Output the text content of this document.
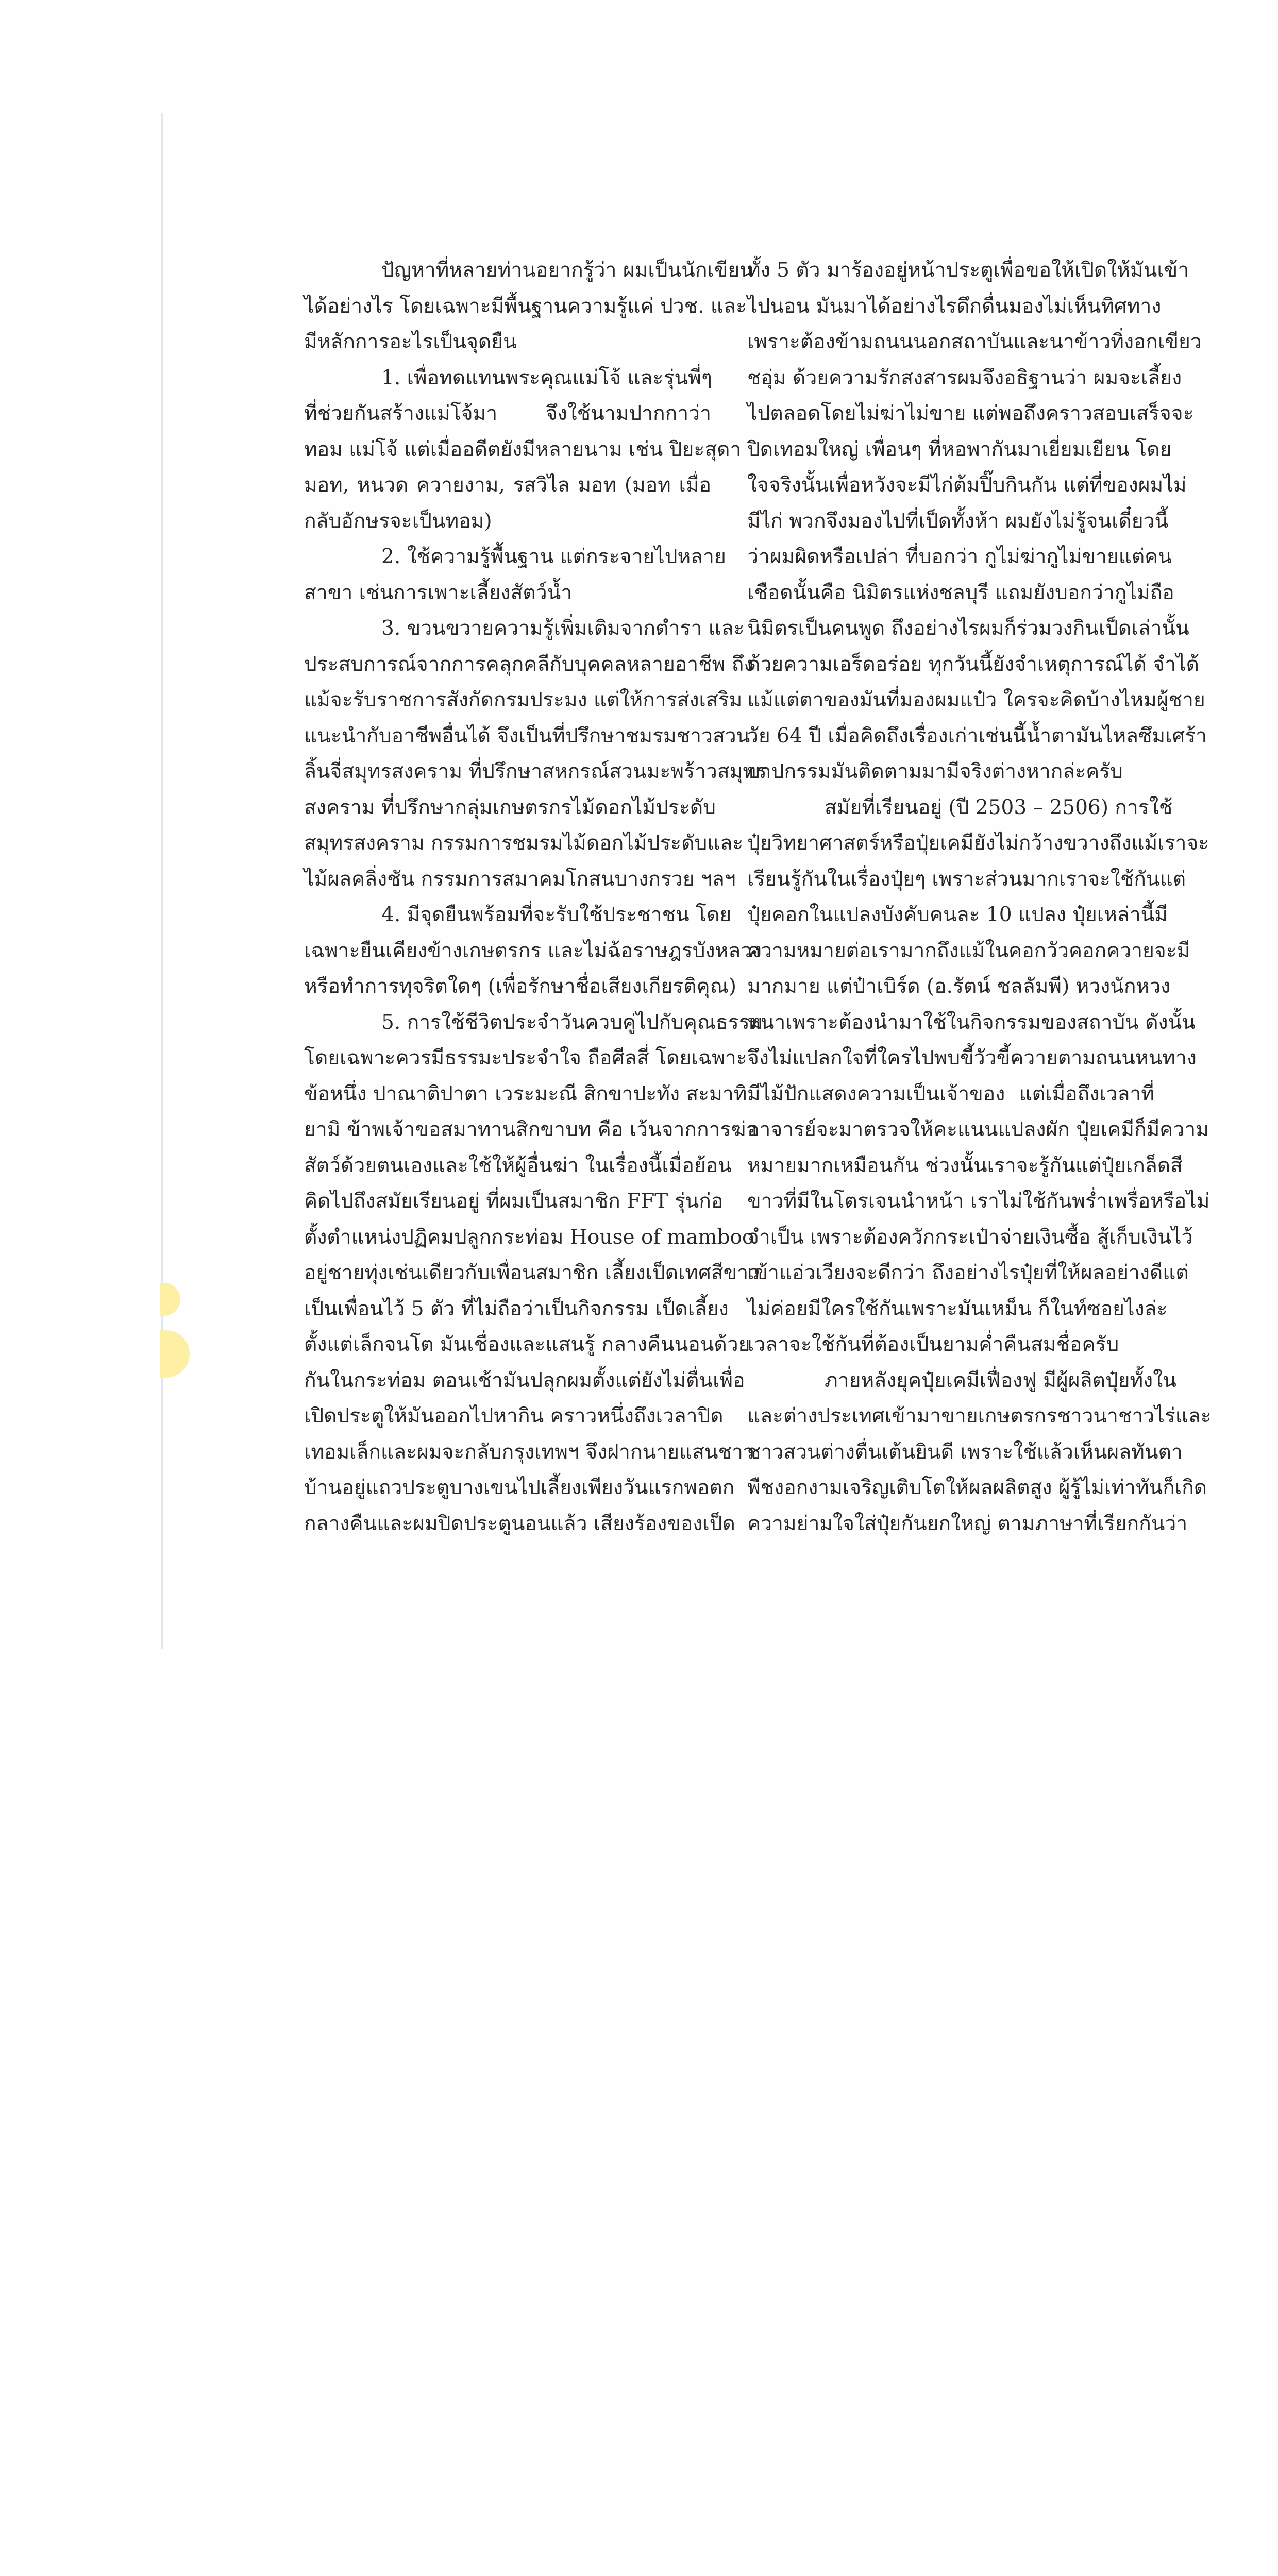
ปัญหาที่หลายท่านอยากรู้ว่า ผมเป็นนักเขียน
ได้อย่างไร โดยเฉพาะมีพื้นฐานความรู้แค่ ปวช. และ
มีหลักการอะไรเป็นจุดยืน
1. เพื่อทดแทนพระคุณแม่โจ้ และรุ่นพี่ๆ
ที่ช่วยกันสร้างแม่โจ้มา จึงใช้นามปากกาว่า
ทอม แม่โจ้ แต่เมื่ออดีตยังมีหลายนาม เช่น ปิยะสุดา
มอท, หนวด ควายงาม, รสวิไล มอท (มอท เมื่อ
กลับอักษรจะเป็นทอม)
2. ใช้ความรู้พื้นฐาน แต่กระจายไปหลาย
สาขา เช่นการเพาะเลี้ยงสัตว์น้ำ
3. ขวนขวายความรู้เพิ่มเติมจากตำรา และ
ประสบการณ์จากการคลุกคลีกับบุคคลหลายอาชีพ ถึง
แม้จะรับราชการสังกัดกรมประมง แต่ให้การส่งเสริม
แนะนำกับอาชีพอื่นได้ จึงเป็นที่ปรึกษาชมรมชาวสวน
ลิ้นจี่สมุทรสงคราม ที่ปรึกษาสหกรณ์สวนมะพร้าวสมุทร
สงคราม ที่ปรึกษากลุ่มเกษตรกรไม้ดอกไม้ประดับ
สมุทรสงคราม กรรมการชมรมไม้ดอกไม้ประดับและ
ไม้ผลคลิ่งชัน กรรมการสมาคมโกสนบางกรวย ฯลฯ
4. มีจุดยืนพร้อมที่จะรับใช้ประชาชน โดย
เฉพาะยืนเคียงข้างเกษตรกร และไม่ฉ้อราษฎรบังหลวง
หรือทำการทุจริตใดๆ (เพื่อรักษาชื่อเสียงเกียรติคุณ)
5. การใช้ชีวิตประจำวันควบคู่ไปกับคุณธรรม
โดยเฉพาะควรมีธรรมะประจำใจ ถือศีลสี่ โดยเฉพาะ
ข้อหนึ่ง ปาณาติปาตา เวระมะณี สิกขาปะทัง สะมาทิ
ยามิ ข้าพเจ้าขอสมาทานสิกขาบท คือ เว้นจากการฆ่า
สัตว์ด้วยตนเองและใช้ให้ผู้อื่นฆ่า ในเรื่องนี้เมื่อย้อน
คิดไปถึงสมัยเรียนอยู่ ที่ผมเป็นสมาชิก FFT รุ่นก่อ
ตั้งตำแหน่งปฏิคมปลูกกระท่อม House of mamboo
อยู่ชายทุ่งเช่นเดียวกับเพื่อนสมาชิก เลี้ยงเป็ดเทศสีขาว
เป็นเพื่อนไว้ 5 ตัว ที่ไม่ถือว่าเป็นกิจกรรม เป็ดเลี้ยง
ตั้งแต่เล็กจนโต มันเชื่องและแสนรู้ กลางคืนนอนด้วย
กันในกระท่อม ตอนเช้ามันปลุกผมตั้งแต่ยังไม่ตื่นเพื่อ
เปิดประตูให้มันออกไปหากิน คราวหนึ่งถึงเวลาปิด
เทอมเล็กและผมจะกลับกรุงเทพฯ จึงฝากนายแสนชาว
บ้านอยู่แถวประตูบางเขนไปเลี้ยงเพียงวันแรกพอตก
กลางคืนและผมปิดประตูนอนแล้ว เสียงร้องของเป็ด
ทั้ง 5 ตัว มาร้องอยู่หน้าประตูเพื่อขอให้เปิดให้มันเข้า
ไปนอน มันมาได้อย่างไรดึกดื่นมองไม่เห็นทิศทาง
เพราะต้องข้ามถนนนอกสถาบันและนาข้าวทิ่งอกเขียว
ชอุ่ม ด้วยความรักสงสารผมจึงอธิฐานว่า ผมจะเลี้ยง
ไปตลอดโดยไม่ฆ่าไม่ขาย แต่พอถึงคราวสอบเสร็จจะ
ปิดเทอมใหญ่ เพื่อนๆ ที่หอพากันมาเยี่ยมเยียน โดย
ใจจริงนั้นเพื่อหวังจะมีไก่ต้มปิ๊บกินกัน แต่ที่ของผมไม่
มีไก่ พวกจึงมองไปที่เป็ดทั้งห้า ผมยังไม่รู้จนเดี๋ยวนี้
ว่าผมผิดหรือเปล่า ที่บอกว่า กูไม่ฆ่ากูไม่ขายแต่คน
เชือดนั้นคือ นิมิตรแห่งชลบุรี แถมยังบอกว่ากูไม่ถือ
นิมิตรเป็นคนพูด ถึงอย่างไรผมก็ร่วมวงกินเป็ดเล่านั้น
ด้วยความเอร็ดอร่อย ทุกวันนี้ยังจำเหตุการณ์ได้ จำได้
แม้แต่ตาของมันที่มองผมแป๋ว ใครจะคิดบ้างไหมผู้ชาย
วัย 64 ปี เมื่อคิดถึงเรื่องเก่าเช่นนี้น้ำตามันไหลซึมเศร้า
บาปกรรมมันติดตามมามีจริงต่างหากล่ะครับ
สมัยที่เรียนอยู่ (ปี 2503 – 2506) การใช้
ปุ๋ยวิทยาศาสตร์หรือปุ๋ยเคมียังไม่กว้างขวางถึงแม้เราจะ
เรียนรู้กันในเรื่องปุ๋ยๆ เพราะส่วนมากเราจะใช้กันแต่
ปุ๋ยคอกในแปลงบังคับคนละ 10 แปลง ปุ๋ยเหล่านี้มี
ความหมายต่อเรามากถึงแม้ในคอกวัวคอกควายจะมี
มากมาย แต่ป๋าเบิร์ด (อ.รัตน์ ชลลัมพี) หวงนักหวง
หนาเพราะต้องนำมาใช้ในกิจกรรมของสถาบัน ดังนั้น
จึงไม่แปลกใจที่ใครไปพบขี้วัวขี้ควายตามถนนหนทาง
มีไม้ปักแสดงความเป็นเจ้าของ แต่เมื่อถึงเวลาที่
อาจารย์จะมาตรวจให้คะแนนแปลงผัก ปุ๋ยเคมีก็มีความ
หมายมากเหมือนกัน ช่วงนั้นเราจะรู้กันแต่ปุ๋ยเกล็ดสี
ขาวที่มีในโตรเจนนำหน้า เราไม่ใช้กันพร่ำเพรื่อหรือไม่
จำเป็น เพราะต้องควักกระเป๋าจ่ายเงินซื้อ สู้เก็บเงินไว้
เข้าแอ่วเวียงจะดีกว่า ถึงอย่างไรปุ๋ยที่ให้ผลอย่างดีแต่
ไม่ค่อยมีใครใช้กันเพราะมันเหม็น ก็ในท์ซอยไงล่ะ
เวลาจะใช้กันที่ต้องเป็นยามค่ำคืนสมชื่อครับ
ภายหลังยุคปุ๋ยเคมีเฟื่องฟู มีผู้ผลิตปุ๋ยทั้งใน
และต่างประเทศเข้ามาขายเกษตรกรชาวนาชาวไร่และ
ชาวสวนต่างตื่นเต้นยินดี เพราะใช้แล้วเห็นผลทันตา
พืชงอกงามเจริญเติบโตให้ผลผลิตสูง ผู้รู้ไม่เท่าทันก็เกิด
ความย่ามใจใส่ปุ๋ยกันยกใหญ่ ตามภาษาที่เรียกกันว่า
